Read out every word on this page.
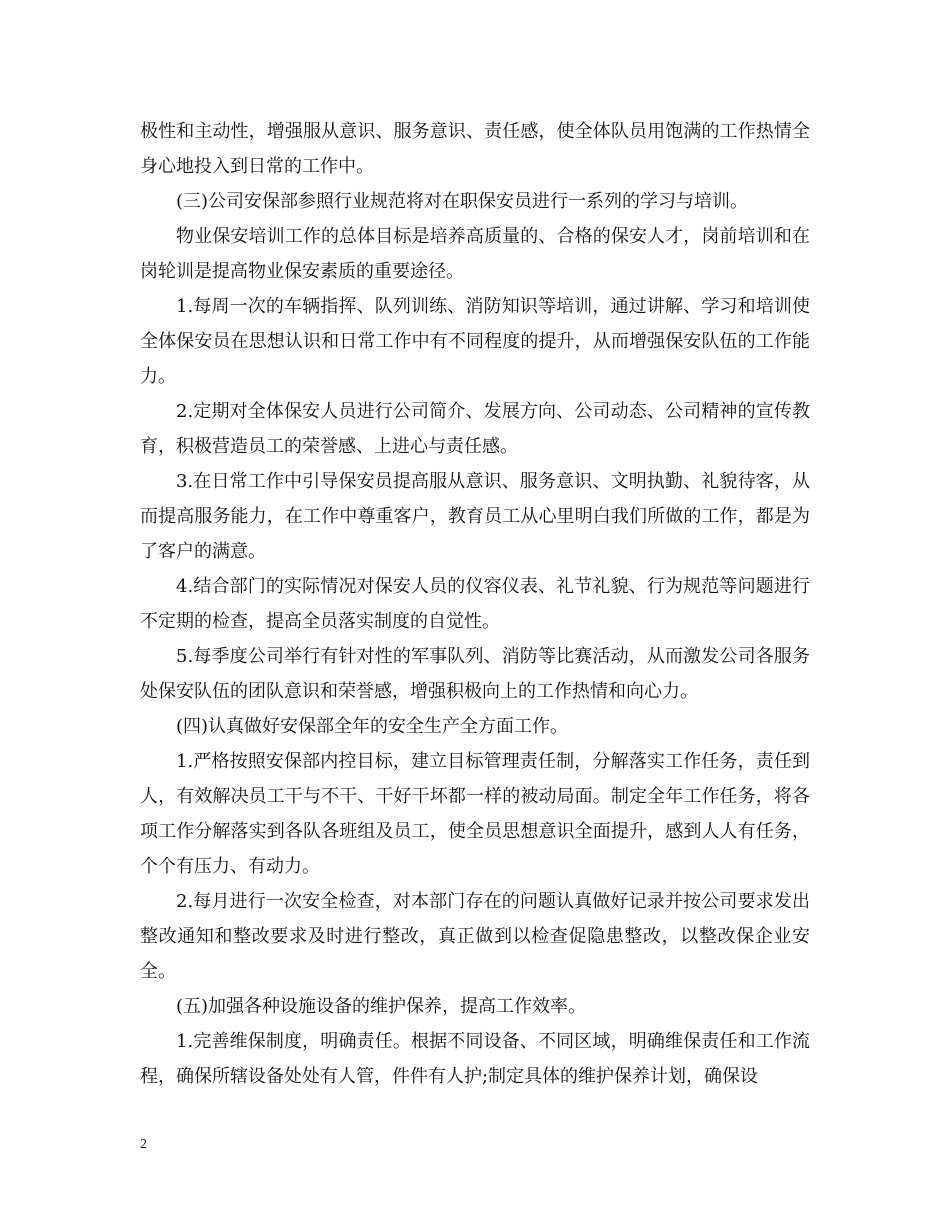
极性和主动性，增强服从意识、服务意识、责任感，使全体队员用饱满的工作热情全身心地投入到日常的工作中。

(三)公司安保部参照行业规范将对在职保安员进行一系列的学习与培训。

物业保安培训工作的总体目标是培养高质量的、合格的保安人才，岗前培训和在岗轮训是提高物业保安素质的重要途径。

1.每周一次的车辆指挥、队列训练、消防知识等培训，通过讲解、学习和培训使全体保安员在思想认识和日常工作中有不同程度的提升，从而增强保安队伍的工作能力。

2.定期对全体保安人员进行公司简介、发展方向、公司动态、公司精神的宣传教育，积极营造员工的荣誉感、上进心与责任感。

3.在日常工作中引导保安员提高服从意识、服务意识、文明执勤、礼貌待客，从而提高服务能力，在工作中尊重客户，教育员工从心里明白我们所做的工作，都是为了客户的满意。

4.结合部门的实际情况对保安人员的仪容仪表、礼节礼貌、行为规范等问题进行不定期的检查，提高全员落实制度的自觉性。

5.每季度公司举行有针对性的军事队列、消防等比赛活动，从而激发公司各服务处保安队伍的团队意识和荣誉感，增强积极向上的工作热情和向心力。

(四)认真做好安保部全年的安全生产全方面工作。

1.严格按照安保部内控目标，建立目标管理责任制，分解落实工作任务，责任到人，有效解决员工干与不干、干好干坏都一样的被动局面。制定全年工作任务，将各项工作分解落实到各队各班组及员工，使全员思想意识全面提升，感到人人有任务，个个有压力、有动力。

2.每月进行一次安全检查，对本部门存在的问题认真做好记录并按公司要求发出整改通知和整改要求及时进行整改，真正做到以检查促隐患整改，以整改保企业安全。

(五)加强各种设施设备的维护保养，提高工作效率。

1.完善维保制度，明确责任。根据不同设备、不同区域，明确维保责任和工作流程，确保所辖设备处处有人管，件件有人护;制定具体的维护保养计划，确保设

2
